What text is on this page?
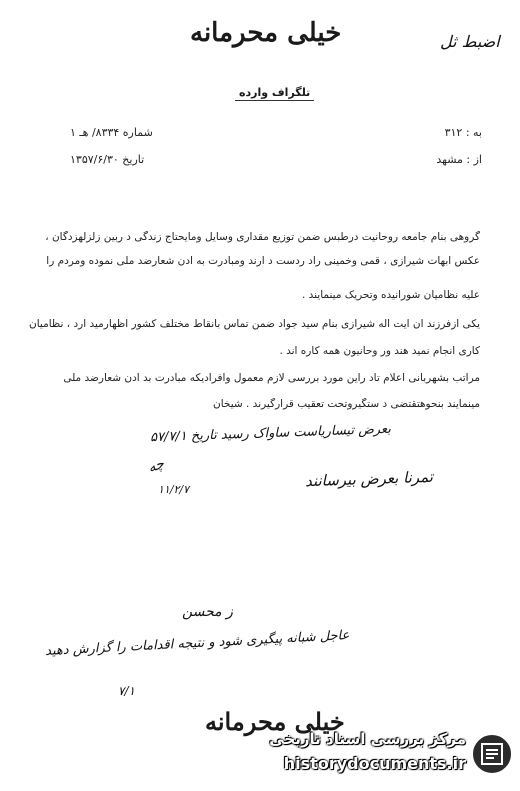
خیلی محرمانه	اضبط ثل
تلگراف وارده
به : ۳۱۲
از : مشهد
شماره ۸۳۳۴/ هـ ۱
تاریخ ۱۳۵۷/۶/۳۰
گروهی بنام جامعه روحانیت درطبس ضمن توزیع مقداری وسایل ومایحتاج زندگی د ربین زلزلهزدگان ،
عکس ابهات شیرازی ، قمی وخمینی راد ردست د ارند ومبادرت به ادن شعارضد ملی نموده ومردم را
علیه نظامیان شورانیده وتحریک مینمایند .
یکی ازفرزند ان ایت اله شیرازی بنام سید جواد ضمن تماس بانقاط مختلف کشور اظهارمید ارد ، نظامیان
کاری انجام نمید هند ور وحانیون همه کاره اند .
مراتب بشهربانی اعلام تاد راین مورد بررسی لازم معمول وافرادیکه مبادرت بد ادن شعارضد ملی
مینمایند بنحوهتقتضی د ستگیروتحت تعقیب قرارگیرند . شیخان
بعرض تیساریاست ساواک رسید تاریخ ۵۷/۷/۱
تمرنا بعرض بیرسانند
چه
۱۱/۲/۷
ز محسن
عاجل شبانه پیگیری شود و نتیجه اقدامات را گزارش دهید
۷/۱
خیلی محرمانه
مرکز بررسی اسناد تاریخی
historydocuments.ir
